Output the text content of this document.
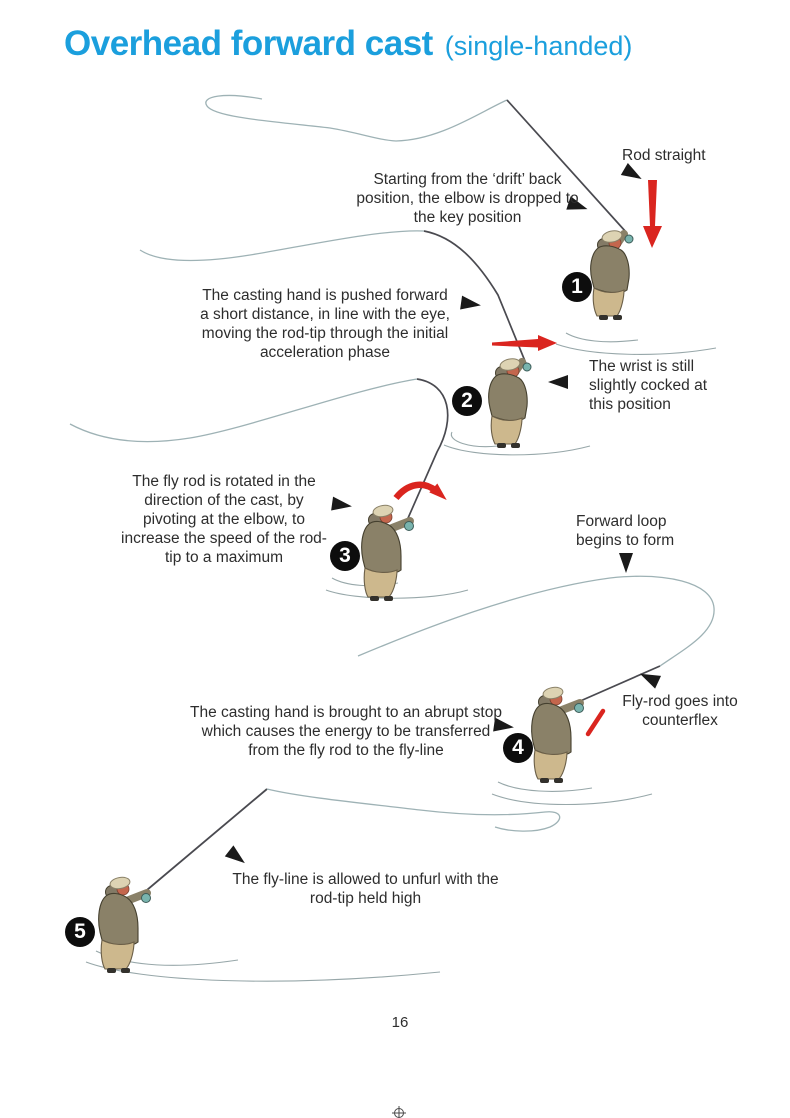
Overhead forward cast (single-handed)
Rod straight
Starting from the ‘drift’ back position, the elbow is dropped to the key position
The casting hand is pushed forward a short distance, in line with the eye, moving the rod-tip through the initial acceleration phase
The wrist is still slightly cocked at this position
The fly rod is rotated in the direction of the cast, by pivoting at the elbow, to increase the speed of the rod-tip to a maximum
Forward loop begins to form
The casting hand is brought to an abrupt stop which causes the energy to be transferred from the fly rod to the fly-line
Fly-rod goes into counterflex
The fly-line is allowed to unfurl with the rod-tip held high
1
2
3
4
5
16
